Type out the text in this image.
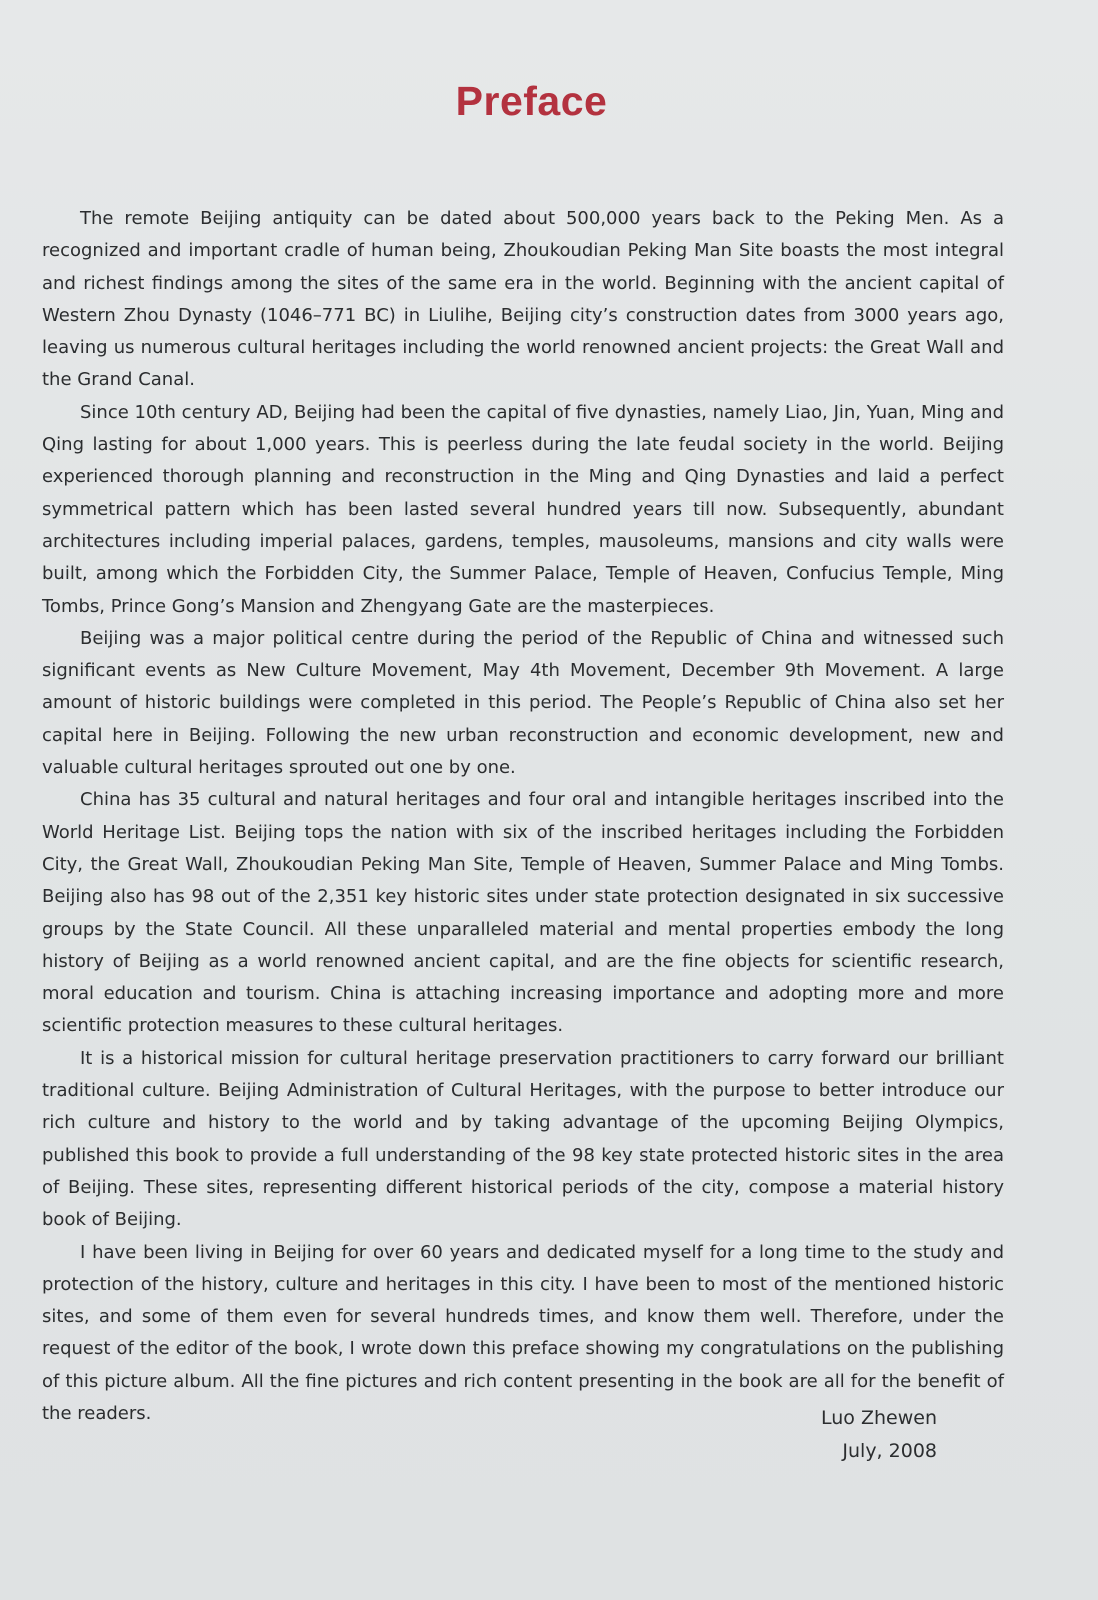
Preface

The remote Beijing antiquity can be dated about 500,000 years back to the Peking Men. As a recognized and important cradle of human being, Zhoukoudian Peking Man Site boasts the most integral and richest findings among the sites of the same era in the world. Beginning with the ancient capital of Western Zhou Dynasty (1046–771 BC) in Liulihe, Beijing city’s construction dates from 3000 years ago, leaving us numerous cultural heritages including the world renowned ancient projects: the Great Wall and the Grand Canal.

Since 10th century AD, Beijing had been the capital of five dynasties, namely Liao, Jin, Yuan, Ming and Qing lasting for about 1,000 years. This is peerless during the late feudal society in the world. Beijing experienced thorough planning and reconstruction in the Ming and Qing Dynasties and laid a perfect symmetrical pattern which has been lasted several hundred years till now. Subsequently, abundant architectures including imperial palaces, gardens, temples, mausoleums, mansions and city walls were built, among which the Forbidden City, the Summer Palace, Temple of Heaven, Confucius Temple, Ming Tombs, Prince Gong’s Mansion and Zhengyang Gate are the masterpieces.

Beijing was a major political centre during the period of the Republic of China and witnessed such significant events as New Culture Movement, May 4th Movement, December 9th Movement. A large amount of historic buildings were completed in this period. The People’s Republic of China also set her capital here in Beijing. Following the new urban reconstruction and economic development, new and valuable cultural heritages sprouted out one by one.

China has 35 cultural and natural heritages and four oral and intangible heritages inscribed into the World Heritage List. Beijing tops the nation with six of the inscribed heritages including the Forbidden City, the Great Wall, Zhoukoudian Peking Man Site, Temple of Heaven, Summer Palace and Ming Tombs. Beijing also has 98 out of the 2,351 key historic sites under state protection designated in six successive groups by the State Council. All these unparalleled material and mental properties embody the long history of Beijing as a world renowned ancient capital, and are the fine objects for scientific research, moral education and tourism. China is attaching increasing importance and adopting more and more scientific protection measures to these cultural heritages.

It is a historical mission for cultural heritage preservation practitioners to carry forward our brilliant traditional culture. Beijing Administration of Cultural Heritages, with the purpose to better introduce our rich culture and history to the world and by taking advantage of the upcoming Beijing Olympics, published this book to provide a full understanding of the 98 key state protected historic sites in the area of Beijing. These sites, representing different historical periods of the city, compose a material history book of Beijing.

I have been living in Beijing for over 60 years and dedicated myself for a long time to the study and protection of the history, culture and heritages in this city. I have been to most of the mentioned historic sites, and some of them even for several hundreds times, and know them well. Therefore, under the request of the editor of the book, I wrote down this preface showing my congratulations on the publishing of this picture album. All the fine pictures and rich content presenting in the book are all for the benefit of the readers.	Luo Zhewen
July, 2008
